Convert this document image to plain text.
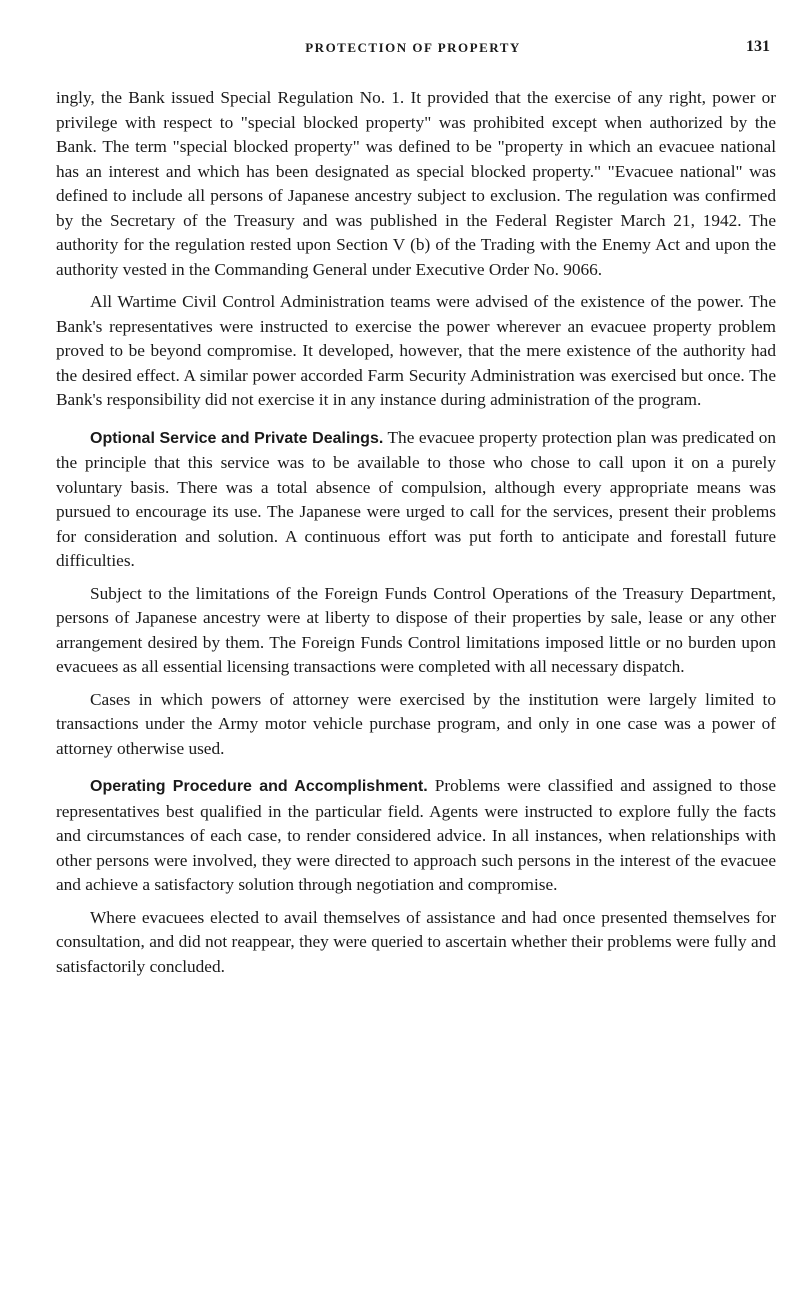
PROTECTION OF PROPERTY	131

ingly, the Bank issued Special Regulation No. 1. It provided that the exercise of any right, power or privilege with respect to "special blocked property" was prohibited except when authorized by the Bank. The term "special blocked property" was defined to be "property in which an evacuee national has an interest and which has been designated as special blocked property." "Evacuee national" was defined to include all persons of Japanese ancestry subject to exclusion. The regulation was confirmed by the Secretary of the Treasury and was published in the Federal Register March 21, 1942. The authority for the regulation rested upon Section V (b) of the Trading with the Enemy Act and upon the authority vested in the Commanding General under Executive Order No. 9066.

All Wartime Civil Control Administration teams were advised of the existence of the power. The Bank's representatives were instructed to exercise the power wherever an evacuee property problem proved to be beyond compromise. It developed, however, that the mere existence of the authority had the desired effect. A similar power accorded Farm Security Administration was exercised but once. The Bank's responsibility did not exercise it in any instance during administration of the program.

Optional Service and Private Dealings. The evacuee property protection plan was predicated on the principle that this service was to be available to those who chose to call upon it on a purely voluntary basis. There was a total absence of compulsion, although every appropriate means was pursued to encourage its use. The Japanese were urged to call for the services, present their problems for consideration and solution. A continuous effort was put forth to anticipate and forestall future difficulties.

Subject to the limitations of the Foreign Funds Control Operations of the Treasury Department, persons of Japanese ancestry were at liberty to dispose of their properties by sale, lease or any other arrangement desired by them. The Foreign Funds Control limitations imposed little or no burden upon evacuees as all essential licensing transactions were completed with all necessary dispatch.

Cases in which powers of attorney were exercised by the institution were largely limited to transactions under the Army motor vehicle purchase program, and only in one case was a power of attorney otherwise used.

Operating Procedure and Accomplishment. Problems were classified and assigned to those representatives best qualified in the particular field. Agents were instructed to explore fully the facts and circumstances of each case, to render considered advice. In all instances, when relationships with other persons were involved, they were directed to approach such persons in the interest of the evacuee and achieve a satisfactory solution through negotiation and compromise.

Where evacuees elected to avail themselves of assistance and had once presented themselves for consultation, and did not reappear, they were queried to ascertain whether their problems were fully and satisfactorily concluded.
